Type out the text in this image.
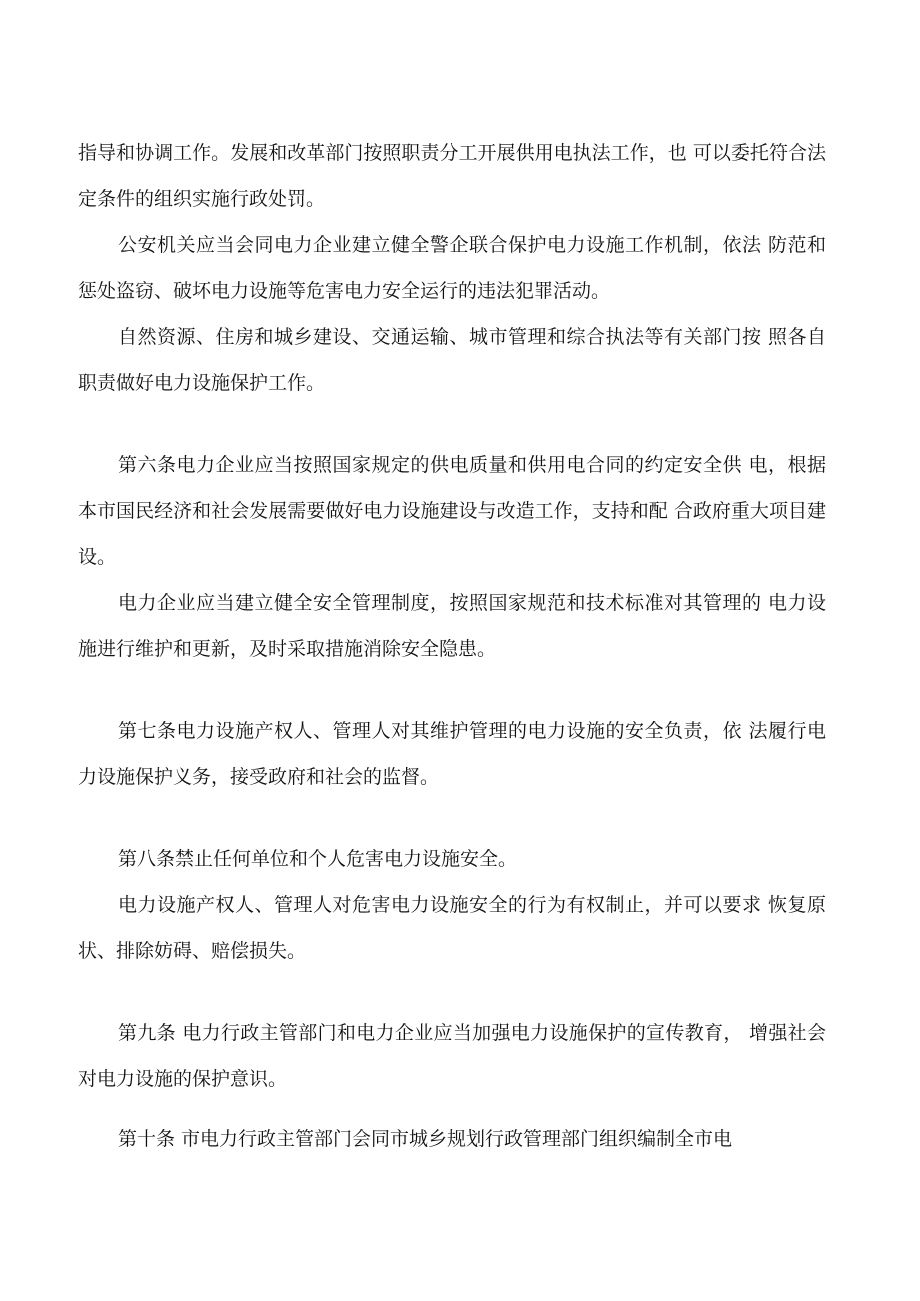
指导和协调工作。发展和改革部门按照职责分工开展供用电执法工作，也 可以委托符合法定条件的组织实施行政处罚。

公安机关应当会同电力企业建立健全警企联合保护电力设施工作机制，依法 防范和惩处盗窃、破坏电力设施等危害电力安全运行的违法犯罪活动。

自然资源、住房和城乡建设、交通运输、城市管理和综合执法等有关部门按 照各自职责做好电力设施保护工作。

第六条电力企业应当按照国家规定的供电质量和供用电合同的约定安全供 电，根据本市国民经济和社会发展需要做好电力设施建设与改造工作，支持和配 合政府重大项目建设。

电力企业应当建立健全安全管理制度，按照国家规范和技术标准对其管理的 电力设施进行维护和更新，及时采取措施消除安全隐患。

第七条电力设施产权人、管理人对其维护管理的电力设施的安全负责，依 法履行电力设施保护义务，接受政府和社会的监督。

第八条禁止任何单位和个人危害电力设施安全。

电力设施产权人、管理人对危害电力设施安全的行为有权制止，并可以要求 恢复原状、排除妨碍、赔偿损失。

第九条 电力行政主管部门和电力企业应当加强电力设施保护的宣传教育， 增强社会对电力设施的保护意识。

第十条 市电力行政主管部门会同市城乡规划行政管理部门组织编制全市电
